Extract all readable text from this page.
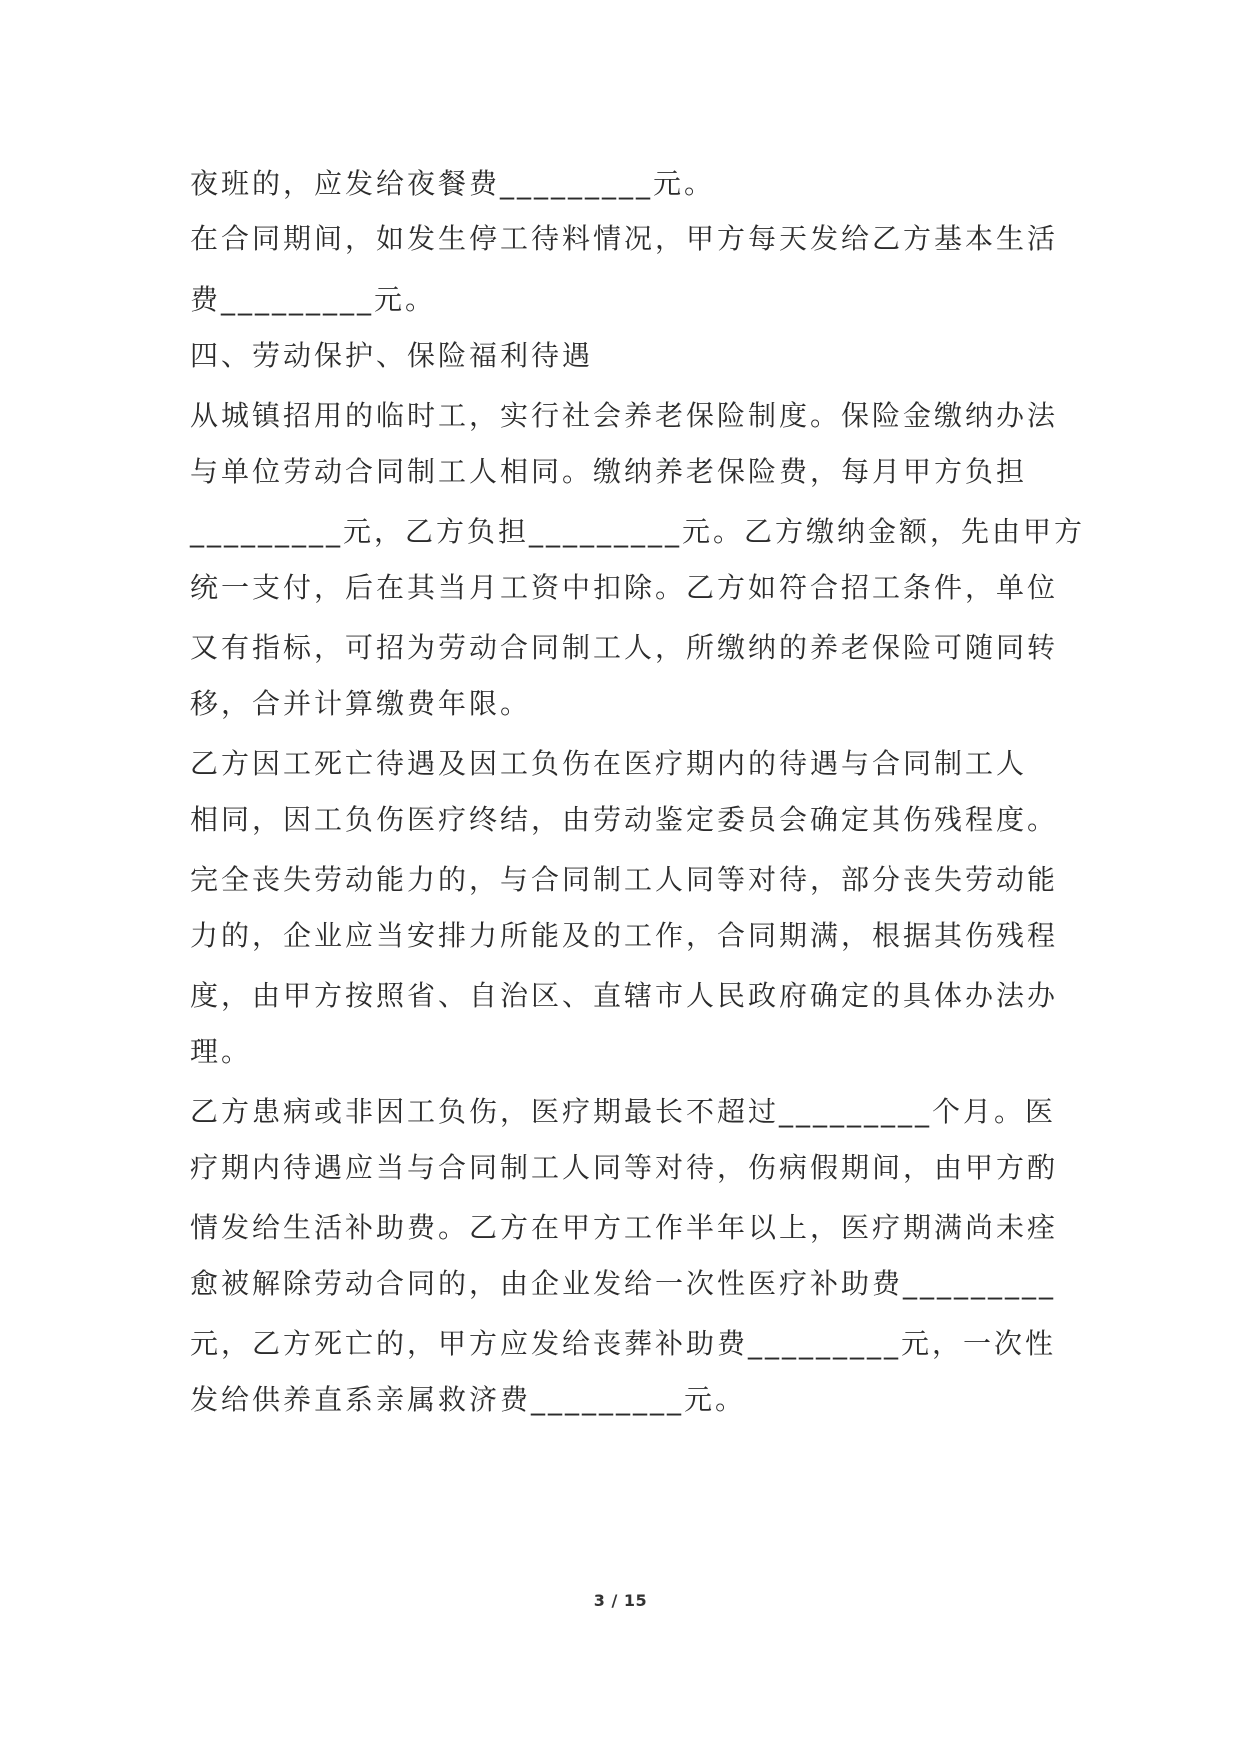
夜班的，应发给夜餐费_________元。
在合同期间，如发生停工待料情况，甲方每天发给乙方基本生活
费_________元。
四、劳动保护、保险福利待遇
从城镇招用的临时工，实行社会养老保险制度。保险金缴纳办法
与单位劳动合同制工人相同。缴纳养老保险费，每月甲方负担
_________元，乙方负担_________元。乙方缴纳金额，先由甲方
统一支付，后在其当月工资中扣除。乙方如符合招工条件，单位
又有指标，可招为劳动合同制工人，所缴纳的养老保险可随同转
移，合并计算缴费年限。
乙方因工死亡待遇及因工负伤在医疗期内的待遇与合同制工人
相同，因工负伤医疗终结，由劳动鉴定委员会确定其伤残程度。
完全丧失劳动能力的，与合同制工人同等对待，部分丧失劳动能
力的，企业应当安排力所能及的工作，合同期满，根据其伤残程
度，由甲方按照省、自治区、直辖市人民政府确定的具体办法办
理。
乙方患病或非因工负伤，医疗期最长不超过_________个月。医
疗期内待遇应当与合同制工人同等对待，伤病假期间，由甲方酌
情发给生活补助费。乙方在甲方工作半年以上，医疗期满尚未痊
愈被解除劳动合同的，由企业发给一次性医疗补助费_________
元，乙方死亡的，甲方应发给丧葬补助费_________元，一次性
发给供养直系亲属救济费_________元。
3 / 15
